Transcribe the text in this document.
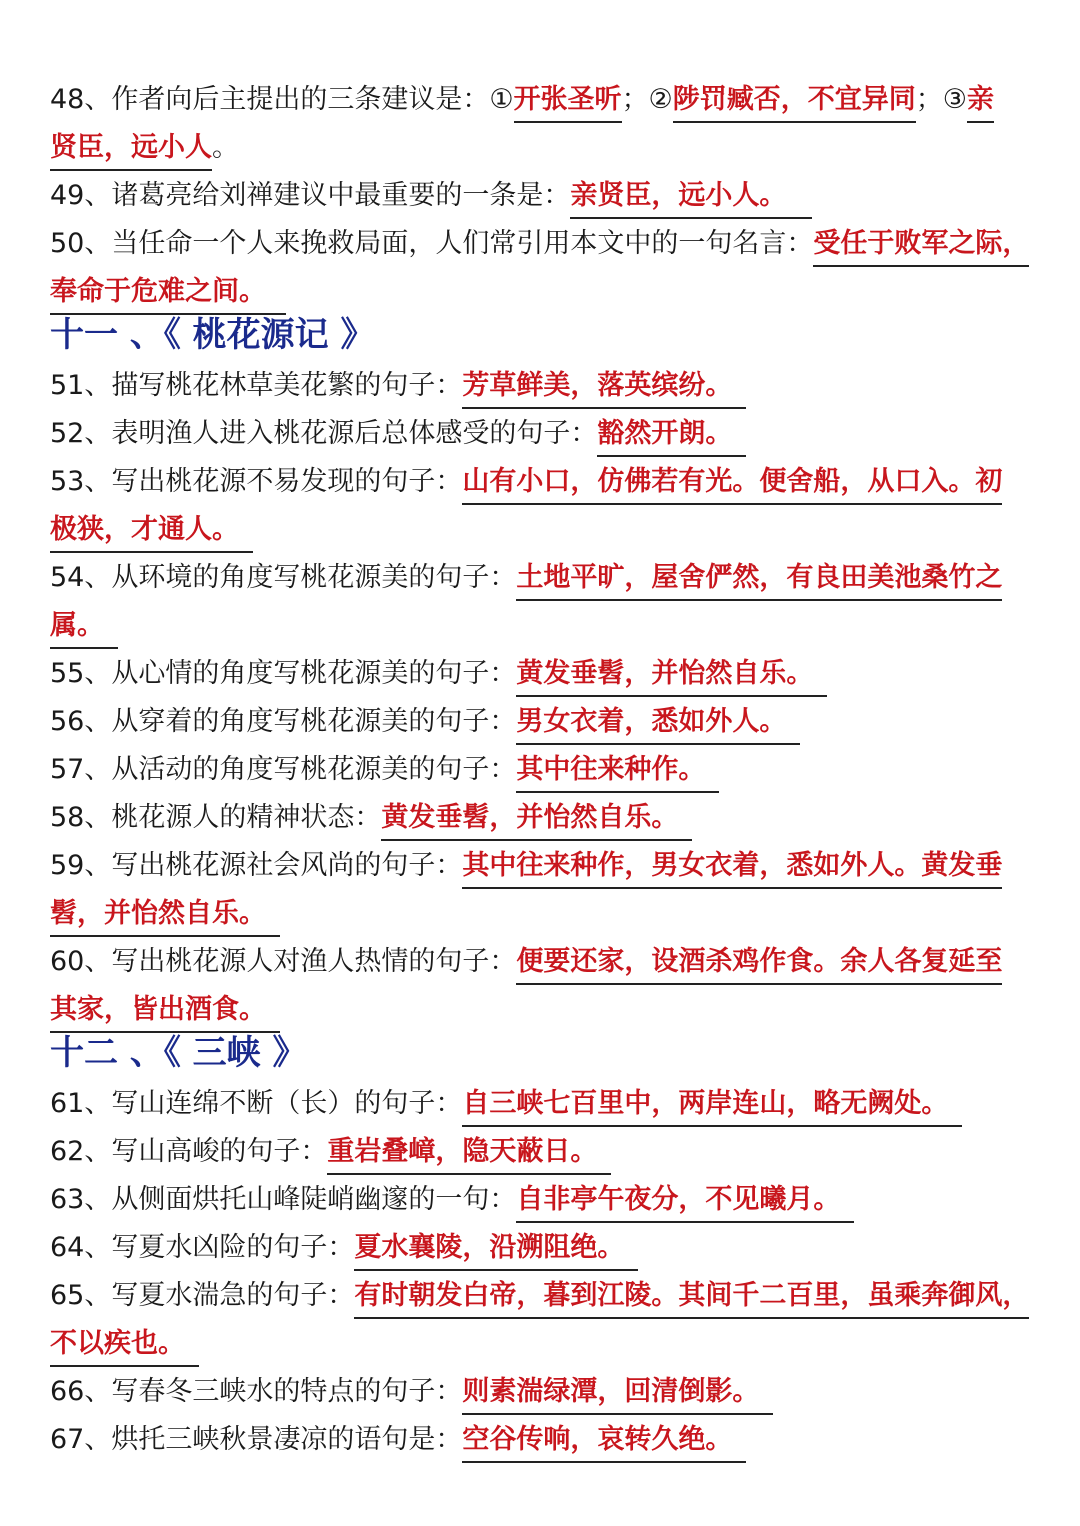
48、作者向后主提出的三条建议是：①开张圣听；②陟罚臧否，不宜异同；③亲
贤臣，远小人。
49、诸葛亮给刘禅建议中最重要的一条是：亲贤臣，远小人。
50、当任命一个人来挽救局面，人们常引用本文中的一句名言：受任于败军之际，
奉命于危难之间。
十一 、《 桃花源记 》
51、描写桃花林草美花繁的句子：芳草鲜美，落英缤纷。
52、表明渔人进入桃花源后总体感受的句子：豁然开朗。
53、写出桃花源不易发现的句子：山有小口，仿佛若有光。便舍船，从口入。初
极狭，才通人。
54、从环境的角度写桃花源美的句子：土地平旷，屋舍俨然，有良田美池桑竹之
属。
55、从心情的角度写桃花源美的句子：黄发垂髫，并怡然自乐。
56、从穿着的角度写桃花源美的句子：男女衣着，悉如外人。
57、从活动的角度写桃花源美的句子：其中往来种作。
58、桃花源人的精神状态：黄发垂髫，并怡然自乐。
59、写出桃花源社会风尚的句子：其中往来种作，男女衣着，悉如外人。黄发垂
髫，并怡然自乐。
60、写出桃花源人对渔人热情的句子：便要还家，设酒杀鸡作食。余人各复延至
其家，皆出酒食。
十二 、《 三峡 》
61、写山连绵不断（长）的句子：自三峡七百里中，两岸连山，略无阙处。
62、写山高峻的句子：重岩叠嶂，隐天蔽日。
63、从侧面烘托山峰陡峭幽邃的一句：自非亭午夜分，不见曦月。
64、写夏水凶险的句子：夏水襄陵，沿溯阻绝。
65、写夏水湍急的句子：有时朝发白帝，暮到江陵。其间千二百里，虽乘奔御风，
不以疾也。
66、写春冬三峡水的特点的句子：则素湍绿潭，回清倒影。
67、烘托三峡秋景凄凉的语句是：空谷传响，哀转久绝。
